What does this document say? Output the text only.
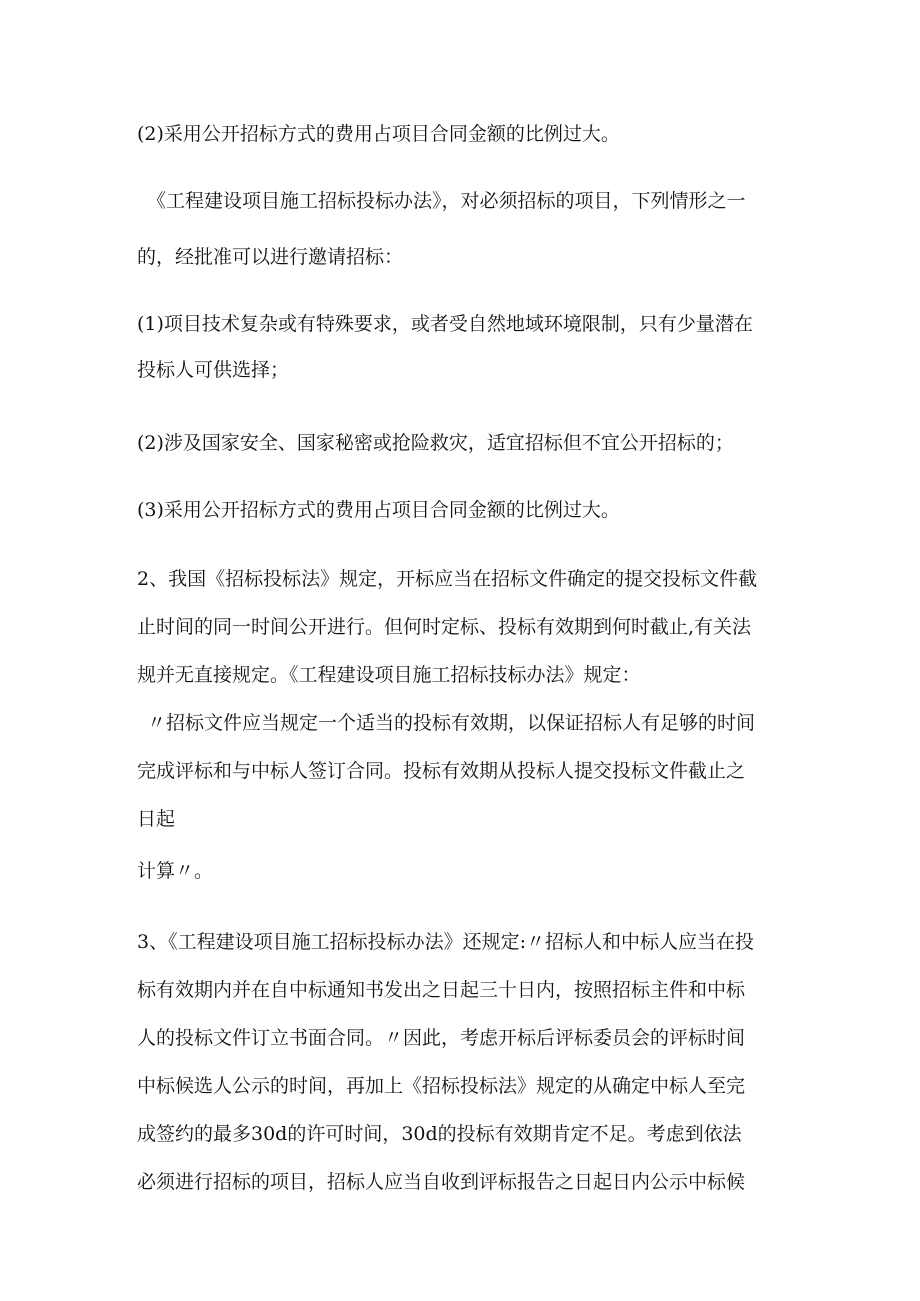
(2)采用公开招标方式的费用占项目合同金额的比例过大。
《工程建设项目施工招标投标办法》，对必须招标的项目，下列情形之一
的，经批准可以进行邀请招标：
(1)项目技术复杂或有特殊要求，或者受自然地域环境限制，只有少量潜在
投标人可供选择；
(2)涉及国家安全、国家秘密或抢险救灾，适宜招标但不宜公开招标的；
(3)采用公开招标方式的费用占项目合同金额的比例过大。
2、我国《招标投标法》规定，开标应当在招标文件确定的提交投标文件截
止时间的同一时间公开进行。但何时定标、投标有效期到何时截止,有关法
规并无直接规定。《工程建设项目施工招标技标办法》规定：
〃招标文件应当规定一个适当的投标有效期，以保证招标人有足够的时间
完成评标和与中标人签订合同。投标有效期从投标人提交投标文件截止之
日起
计算〃。
3、《工程建设项目施工招标投标办法》还规定:〃招标人和中标人应当在投
标有效期内并在自中标通知书发出之日起三十日内，按照招标主件和中标
人的投标文件订立书面合同。〃因此，考虑开标后评标委员会的评标时间
中标候选人公示的时间，再加上《招标投标法》规定的从确定中标人至完
成签约的最多30d的许可时间，30d的投标有效期肯定不足。考虑到依法
必须进行招标的项目，招标人应当自收到评标报告之日起日内公示中标候
